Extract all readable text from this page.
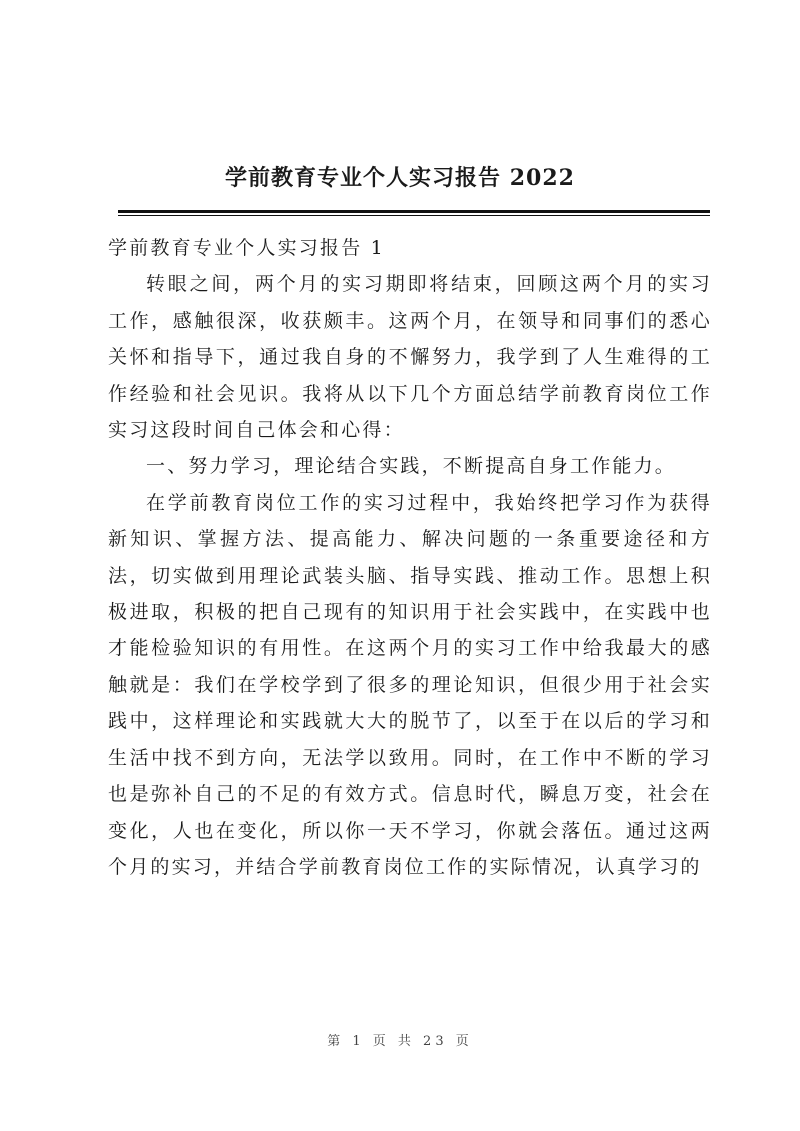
学前教育专业个人实习报告 2022

学前教育专业个人实习报告 1

转眼之间，两个月的实习期即将结束，回顾这两个月的实习工作，感触很深，收获颇丰。这两个月，在领导和同事们的悉心关怀和指导下，通过我自身的不懈努力，我学到了人生难得的工作经验和社会见识。我将从以下几个方面总结学前教育岗位工作实习这段时间自己体会和心得：

一、努力学习，理论结合实践，不断提高自身工作能力。

在学前教育岗位工作的实习过程中，我始终把学习作为获得新知识、掌握方法、提高能力、解决问题的一条重要途径和方法，切实做到用理论武装头脑、指导实践、推动工作。思想上积极进取，积极的把自己现有的知识用于社会实践中，在实践中也才能检验知识的有用性。在这两个月的实习工作中给我最大的感触就是：我们在学校学到了很多的理论知识，但很少用于社会实践中，这样理论和实践就大大的脱节了，以至于在以后的学习和生活中找不到方向，无法学以致用。同时，在工作中不断的学习也是弥补自己的不足的有效方式。信息时代，瞬息万变，社会在变化，人也在变化，所以你一天不学习，你就会落伍。通过这两个月的实习，并结合学前教育岗位工作的实际情况，认真学习的

第 1 页 共 23 页
